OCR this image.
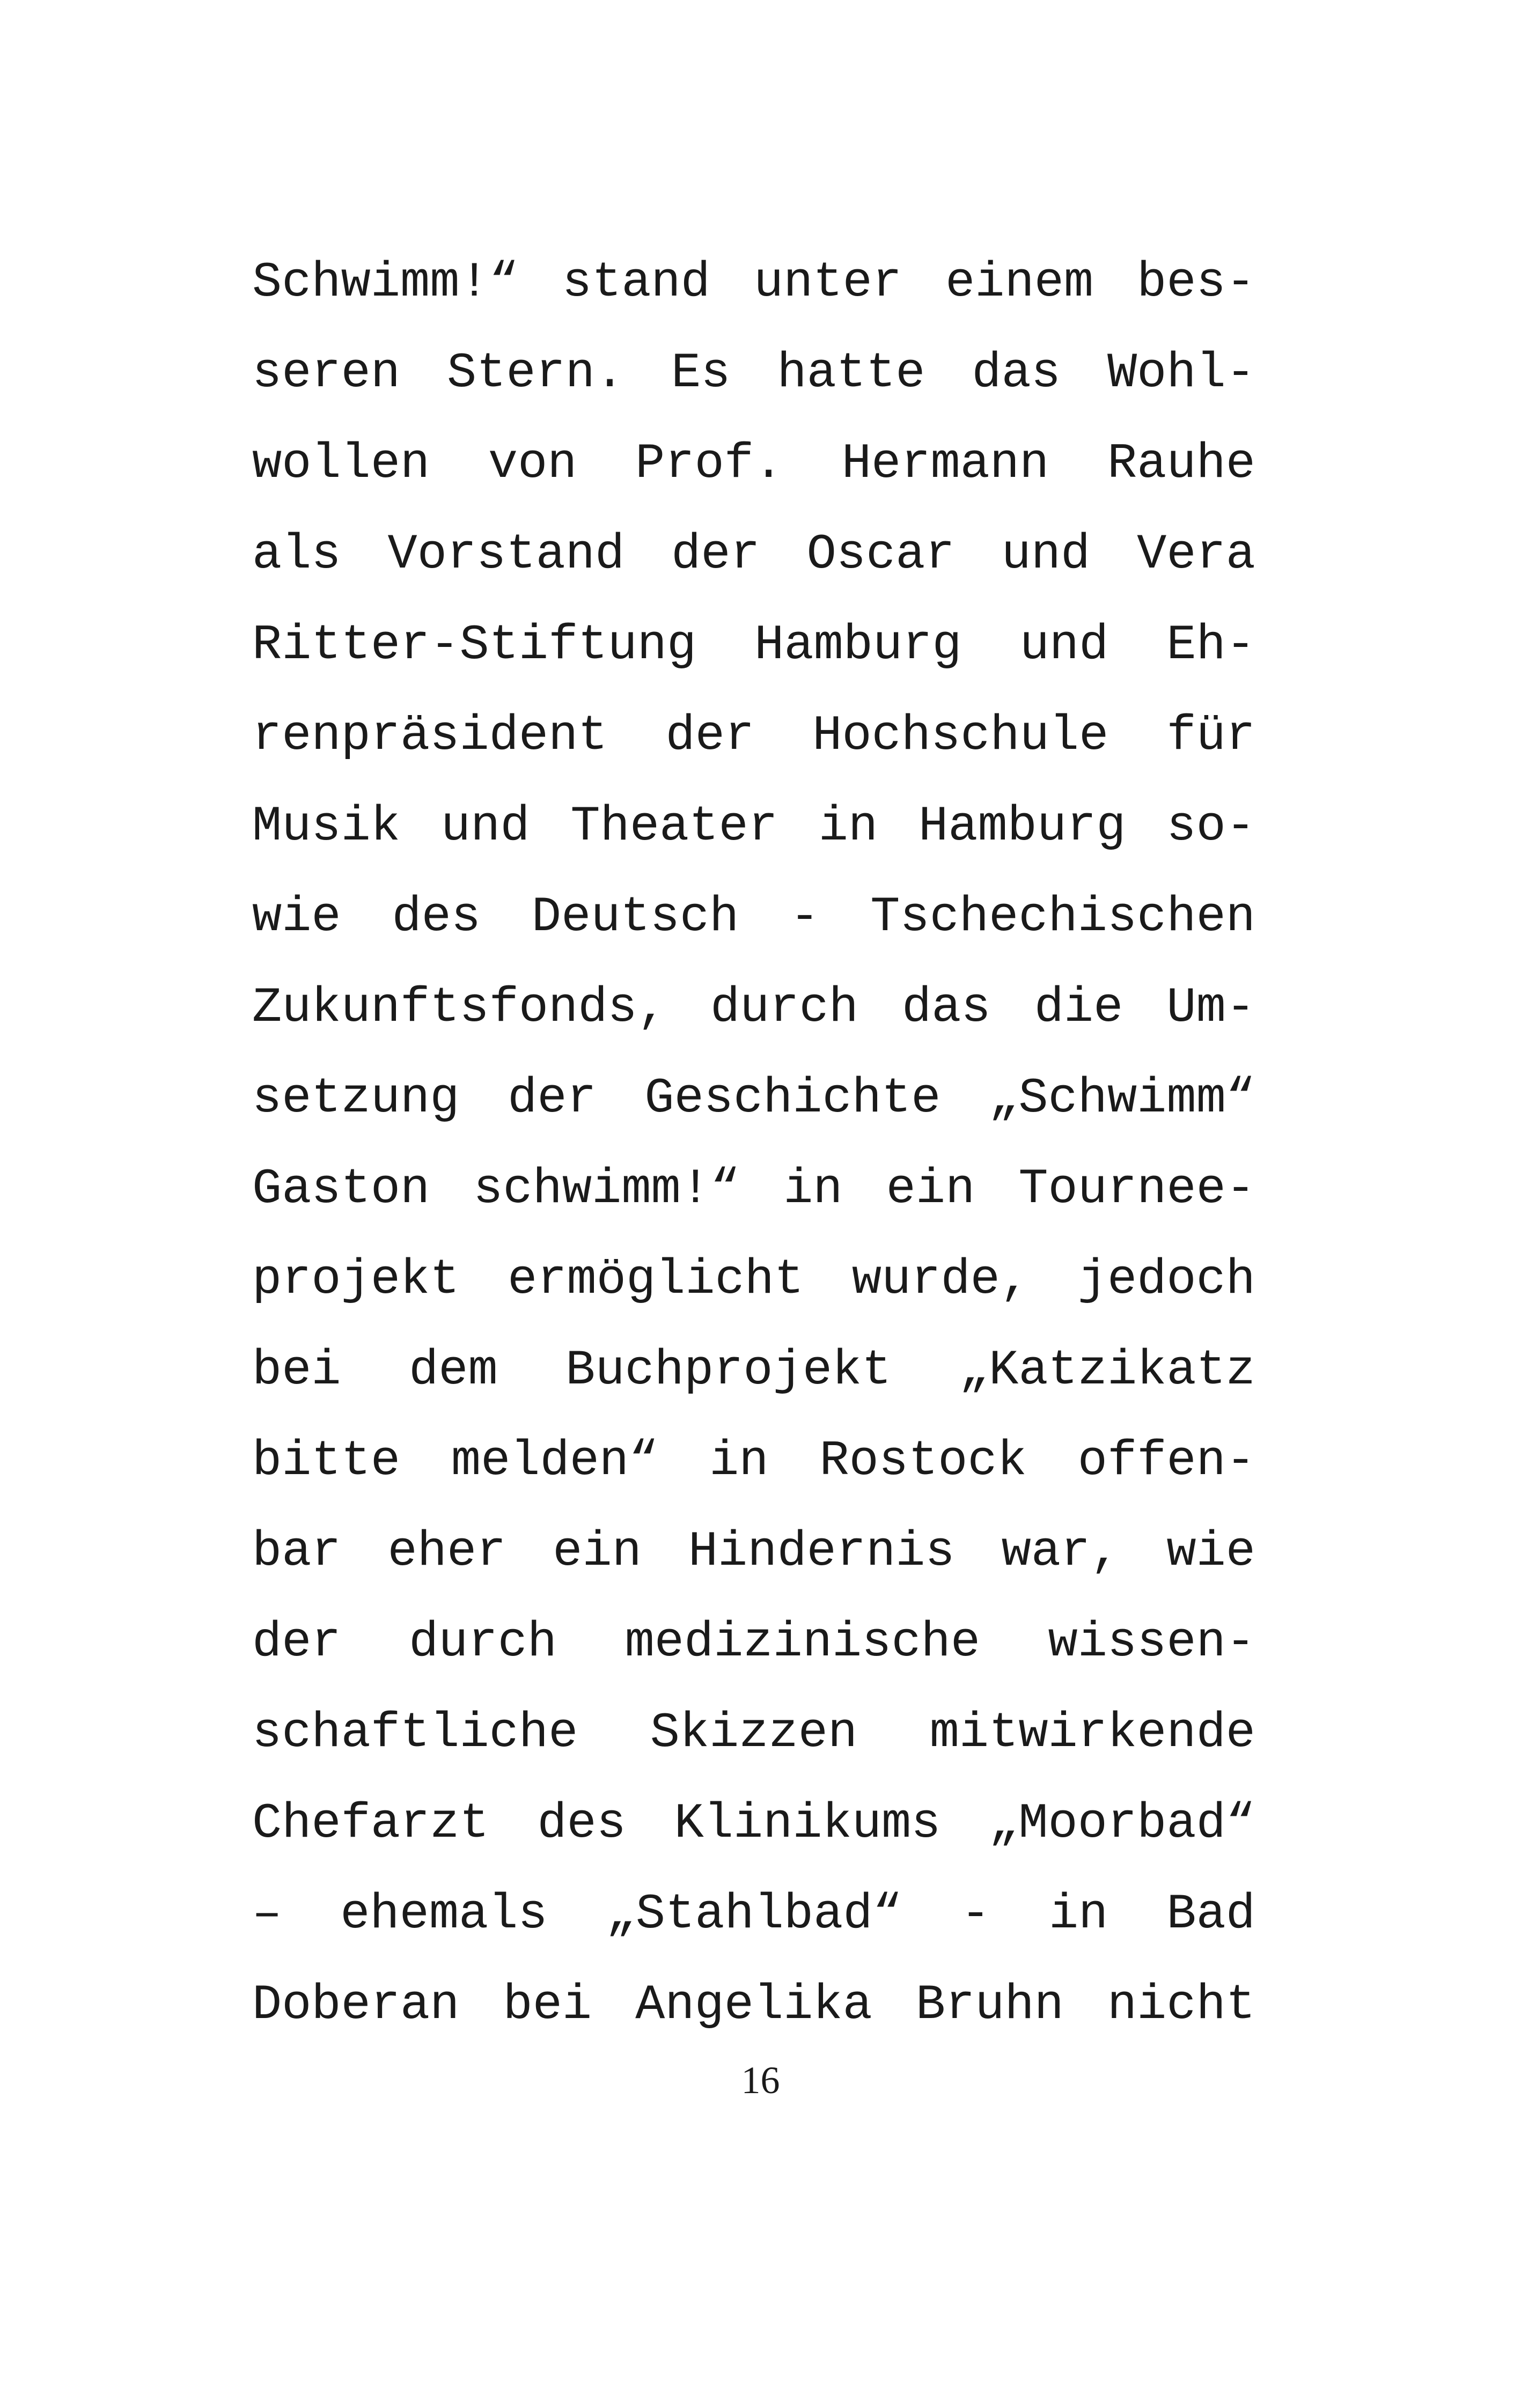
Schwimm!“ stand unter einem bes-
seren Stern. Es hatte das Wohl-
wollen von Prof. Hermann Rauhe
als Vorstand der Oscar und Vera
Ritter-Stiftung Hamburg und Eh-
renpräsident der Hochschule für
Musik und Theater in Hamburg so-
wie des Deutsch - Tschechischen
Zukunftsfonds, durch das die Um-
setzung der Geschichte „Schwimm“
Gaston schwimm!“ in ein Tournee-
projekt ermöglicht wurde, jedoch
bei dem Buchprojekt „Katzikatz
bitte melden“ in Rostock offen-
bar eher ein Hindernis war, wie
der durch medizinische wissen-
schaftliche Skizzen mitwirkende
Chefarzt des Klinikums „Moorbad“
– ehemals „Stahlbad“ - in Bad
Doberan bei Angelika Bruhn nicht
16
